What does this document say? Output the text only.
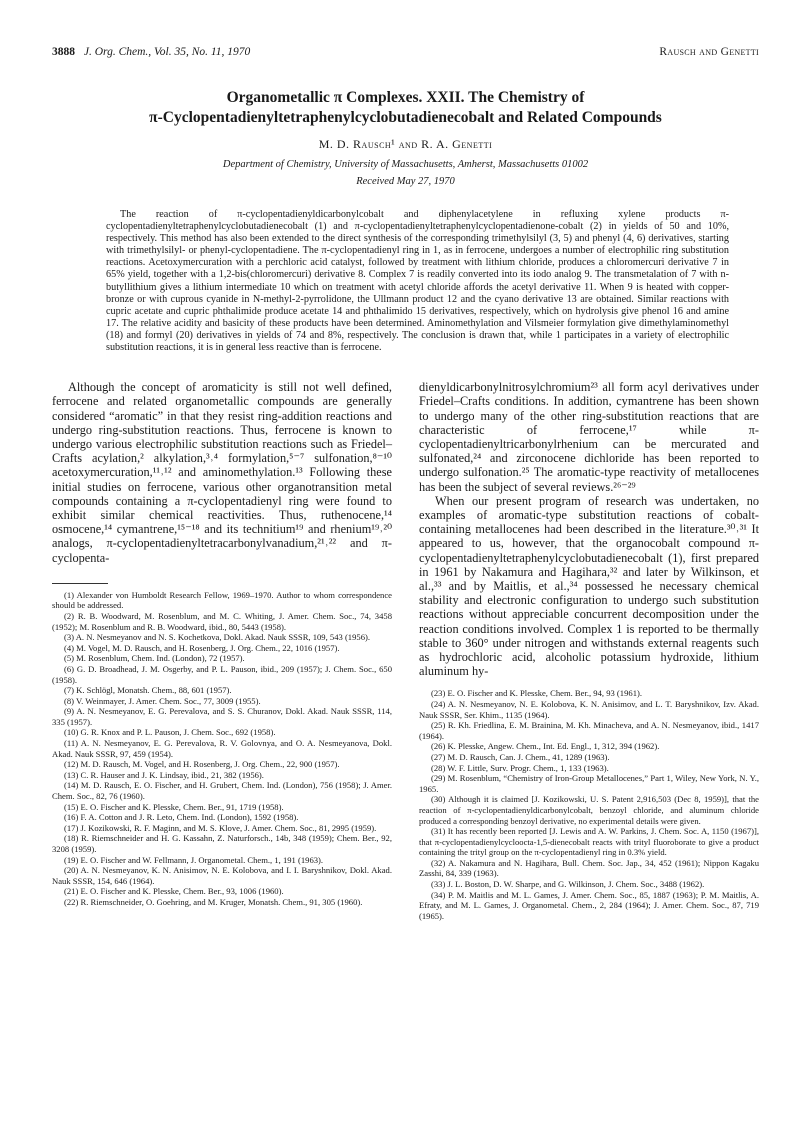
3888 J. Org. Chem., Vol. 35, No. 11, 1970	Rausch and Genetti
Organometallic π Complexes. XXII. The Chemistry of
π-Cyclopentadienyltetraphenylcyclobutadienecobalt and Related Compounds
M. D. Rausch¹ and R. A. Genetti
Department of Chemistry, University of Massachusetts, Amherst, Massachusetts 01002
Received May 27, 1970
The reaction of π-cyclopentadienyldicarbonylcobalt and diphenylacetylene in refluxing xylene products π-cyclopentadienyltetraphenylcyclobutadienecobalt (1) and π-cyclopentadienyltetraphenylcyclopentadienone-cobalt (2) in yields of 50 and 10%, respectively. This method has also been extended to the direct synthesis of the corresponding trimethylsilyl (3, 5) and phenyl (4, 6) derivatives, starting with trimethylsilyl- or phenyl-cyclopentadiene. The π-cyclopentadienyl ring in 1, as in ferrocene, undergoes a number of electrophilic ring substitution reactions. Acetoxymercuration with a perchloric acid catalyst, followed by treatment with lithium chloride, produces a chloromercuri derivative 7 in 65% yield, together with a 1,2-bis(chloromercuri) derivative 8. Complex 7 is readily converted into its iodo analog 9. The transmetalation of 7 with n-butyllithium gives a lithium intermediate 10 which on treatment with acetyl chloride affords the acetyl derivative 11. When 9 is heated with copper-bronze or with cuprous cyanide in N-methyl-2-pyrrolidone, the Ullmann product 12 and the cyano derivative 13 are obtained. Similar reactions with cupric acetate and cupric phthalimide produce acetate 14 and phthalimido 15 derivatives, respectively, which on hydrolysis give phenol 16 and amine 17. The relative acidity and basicity of these products have been determined. Aminomethylation and Vilsmeier formylation give dimethylaminomethyl (18) and formyl (20) derivatives in yields of 74 and 8%, respectively. The conclusion is drawn that, while 1 participates in a variety of electrophilic substitution reactions, it is in general less reactive than is ferrocene.

Although the concept of aromaticity is still not well defined, ferrocene and related organometallic compounds are generally considered “aromatic” in that they resist ring-addition reactions and undergo ring-substitution reactions. Thus, ferrocene is known to undergo various electrophilic substitution reactions such as Friedel–Crafts acylation,² alkylation,³˒⁴ formylation,⁵⁻⁷ sulfonation,⁸⁻¹⁰ acetoxymercuration,¹¹˒¹² and aminomethylation.¹³ Following these initial studies on ferrocene, various other organotransition metal compounds containing a π-cyclopentadienyl ring were found to exhibit similar chemical reactivities. Thus, ruthenocene,¹⁴ osmocene,¹⁴ cymantrene,¹⁵⁻¹⁸ and its technitium¹⁹ and rhenium¹⁹˒²⁰ analogs, π-cyclopentadienyltetracarbonylvanadium,²¹˒²² and π-cyclopenta-

(1) Alexander von Humboldt Research Fellow, 1969–1970. Author to whom correspondence should be addressed.

(2) R. B. Woodward, M. Rosenblum, and M. C. Whiting, J. Amer. Chem. Soc., 74, 3458 (1952); M. Rosenblum and R. B. Woodward, ibid., 80, 5443 (1958).

(3) A. N. Nesmeyanov and N. S. Kochetkova, Dokl. Akad. Nauk SSSR, 109, 543 (1956).

(4) M. Vogel, M. D. Rausch, and H. Rosenberg, J. Org. Chem., 22, 1016 (1957).

(5) M. Rosenblum, Chem. Ind. (London), 72 (1957).

(6) G. D. Broadhead, J. M. Osgerby, and P. L. Pauson, ibid., 209 (1957); J. Chem. Soc., 650 (1958).

(7) K. Schlögl, Monatsh. Chem., 88, 601 (1957).

(8) V. Weinmayer, J. Amer. Chem. Soc., 77, 3009 (1955).

(9) A. N. Nesmeyanov, E. G. Perevalova, and S. S. Churanov, Dokl. Akad. Nauk SSSR, 114, 335 (1957).

(10) G. R. Knox and P. L. Pauson, J. Chem. Soc., 692 (1958).

(11) A. N. Nesmeyanov, E. G. Perevalova, R. V. Golovnya, and O. A. Nesmeyanova, Dokl. Akad. Nauk SSSR, 97, 459 (1954).

(12) M. D. Rausch, M. Vogel, and H. Rosenberg, J. Org. Chem., 22, 900 (1957).

(13) C. R. Hauser and J. K. Lindsay, ibid., 21, 382 (1956).

(14) M. D. Rausch, E. O. Fischer, and H. Grubert, Chem. Ind. (London), 756 (1958); J. Amer. Chem. Soc., 82, 76 (1960).

(15) E. O. Fischer and K. Plesske, Chem. Ber., 91, 1719 (1958).

(16) F. A. Cotton and J. R. Leto, Chem. Ind. (London), 1592 (1958).

(17) J. Kozikowski, R. F. Maginn, and M. S. Klove, J. Amer. Chem. Soc., 81, 2995 (1959).

(18) R. Riemschneider and H. G. Kassahn, Z. Naturforsch., 14b, 348 (1959); Chem. Ber., 92, 3208 (1959).

(19) E. O. Fischer and W. Fellmann, J. Organometal. Chem., 1, 191 (1963).

(20) A. N. Nesmeyanov, K. N. Anisimov, N. E. Kolobova, and I. I. Baryshnikov, Dokl. Akad. Nauk SSSR, 154, 646 (1964).

(21) E. O. Fischer and K. Plesske, Chem. Ber., 93, 1006 (1960).

(22) R. Riemschneider, O. Goehring, and M. Kruger, Monatsh. Chem., 91, 305 (1960).

dienyldicarbonylnitrosylchromium²³ all form acyl derivatives under Friedel–Crafts conditions. In addition, cymantrene has been shown to undergo many of the other ring-substitution reactions that are characteristic of ferrocene,¹⁷ while π-cyclopentadienyltricarbonylrhenium can be mercurated and sulfonated,²⁴ and zirconocene dichloride has been reported to undergo sulfonation.²⁵ The aromatic-type reactivity of metallocenes has been the subject of several reviews.²⁶⁻²⁹

When our present program of research was undertaken, no examples of aromatic-type substitution reactions of cobalt-containing metallocenes had been described in the literature.³⁰˒³¹ It appeared to us, however, that the organocobalt compound π-cyclopentadienyltetraphenylcyclobutadienecobalt (1), first prepared in 1961 by Nakamura and Hagihara,³² and later by Wilkinson, et al.,³³ and by Maitlis, et al.,³⁴ possessed he necessary chemical stability and electronic configuration to undergo such substitution reactions without appreciable concurrent decomposition under the reaction conditions involved. Complex 1 is reported to be thermally stable to 360° under nitrogen and withstands external reagents such as hydrochloric acid, alcoholic potassium hydroxide, lithium aluminum hy-

(23) E. O. Fischer and K. Plesske, Chem. Ber., 94, 93 (1961).

(24) A. N. Nesmeyanov, N. E. Kolobova, K. N. Anisimov, and L. T. Baryshnikov, Izv. Akad. Nauk SSSR, Ser. Khim., 1135 (1964).

(25) R. Kh. Friedlina, E. M. Brainina, M. Kh. Minacheva, and A. N. Nesmeyanov, ibid., 1417 (1964).

(26) K. Plesske, Angew. Chem., Int. Ed. Engl., 1, 312, 394 (1962).

(27) M. D. Rausch, Can. J. Chem., 41, 1289 (1963).

(28) W. F. Little, Surv. Progr. Chem., 1, 133 (1963).

(29) M. Rosenblum, “Chemistry of Iron-Group Metallocenes,” Part 1, Wiley, New York, N. Y., 1965.

(30) Although it is claimed [J. Kozikowski, U. S. Patent 2,916,503 (Dec 8, 1959)], that the reaction of π-cyclopentadienyldicarbonylcobalt, benzoyl chloride, and aluminum chloride produced a corresponding benzoyl derivative, no experimental details were given.

(31) It has recently been reported [J. Lewis and A. W. Parkins, J. Chem. Soc. A, 1150 (1967)], that π-cyclopentadienylcycloocta-1,5-dienecobalt reacts with trityl fluoroborate to give a product containing the trityl group on the π-cyclopentadienyl ring in 0.3% yield.

(32) A. Nakamura and N. Hagihara, Bull. Chem. Soc. Jap., 34, 452 (1961); Nippon Kagaku Zasshi, 84, 339 (1963).

(33) J. L. Boston, D. W. Sharpe, and G. Wilkinson, J. Chem. Soc., 3488 (1962).

(34) P. M. Maitlis and M. L. Games, J. Amer. Chem. Soc., 85, 1887 (1963); P. M. Maitlis, A. Efraty, and M. L. Games, J. Organometal. Chem., 2, 284 (1964); J. Amer. Chem. Soc., 87, 719 (1965).
